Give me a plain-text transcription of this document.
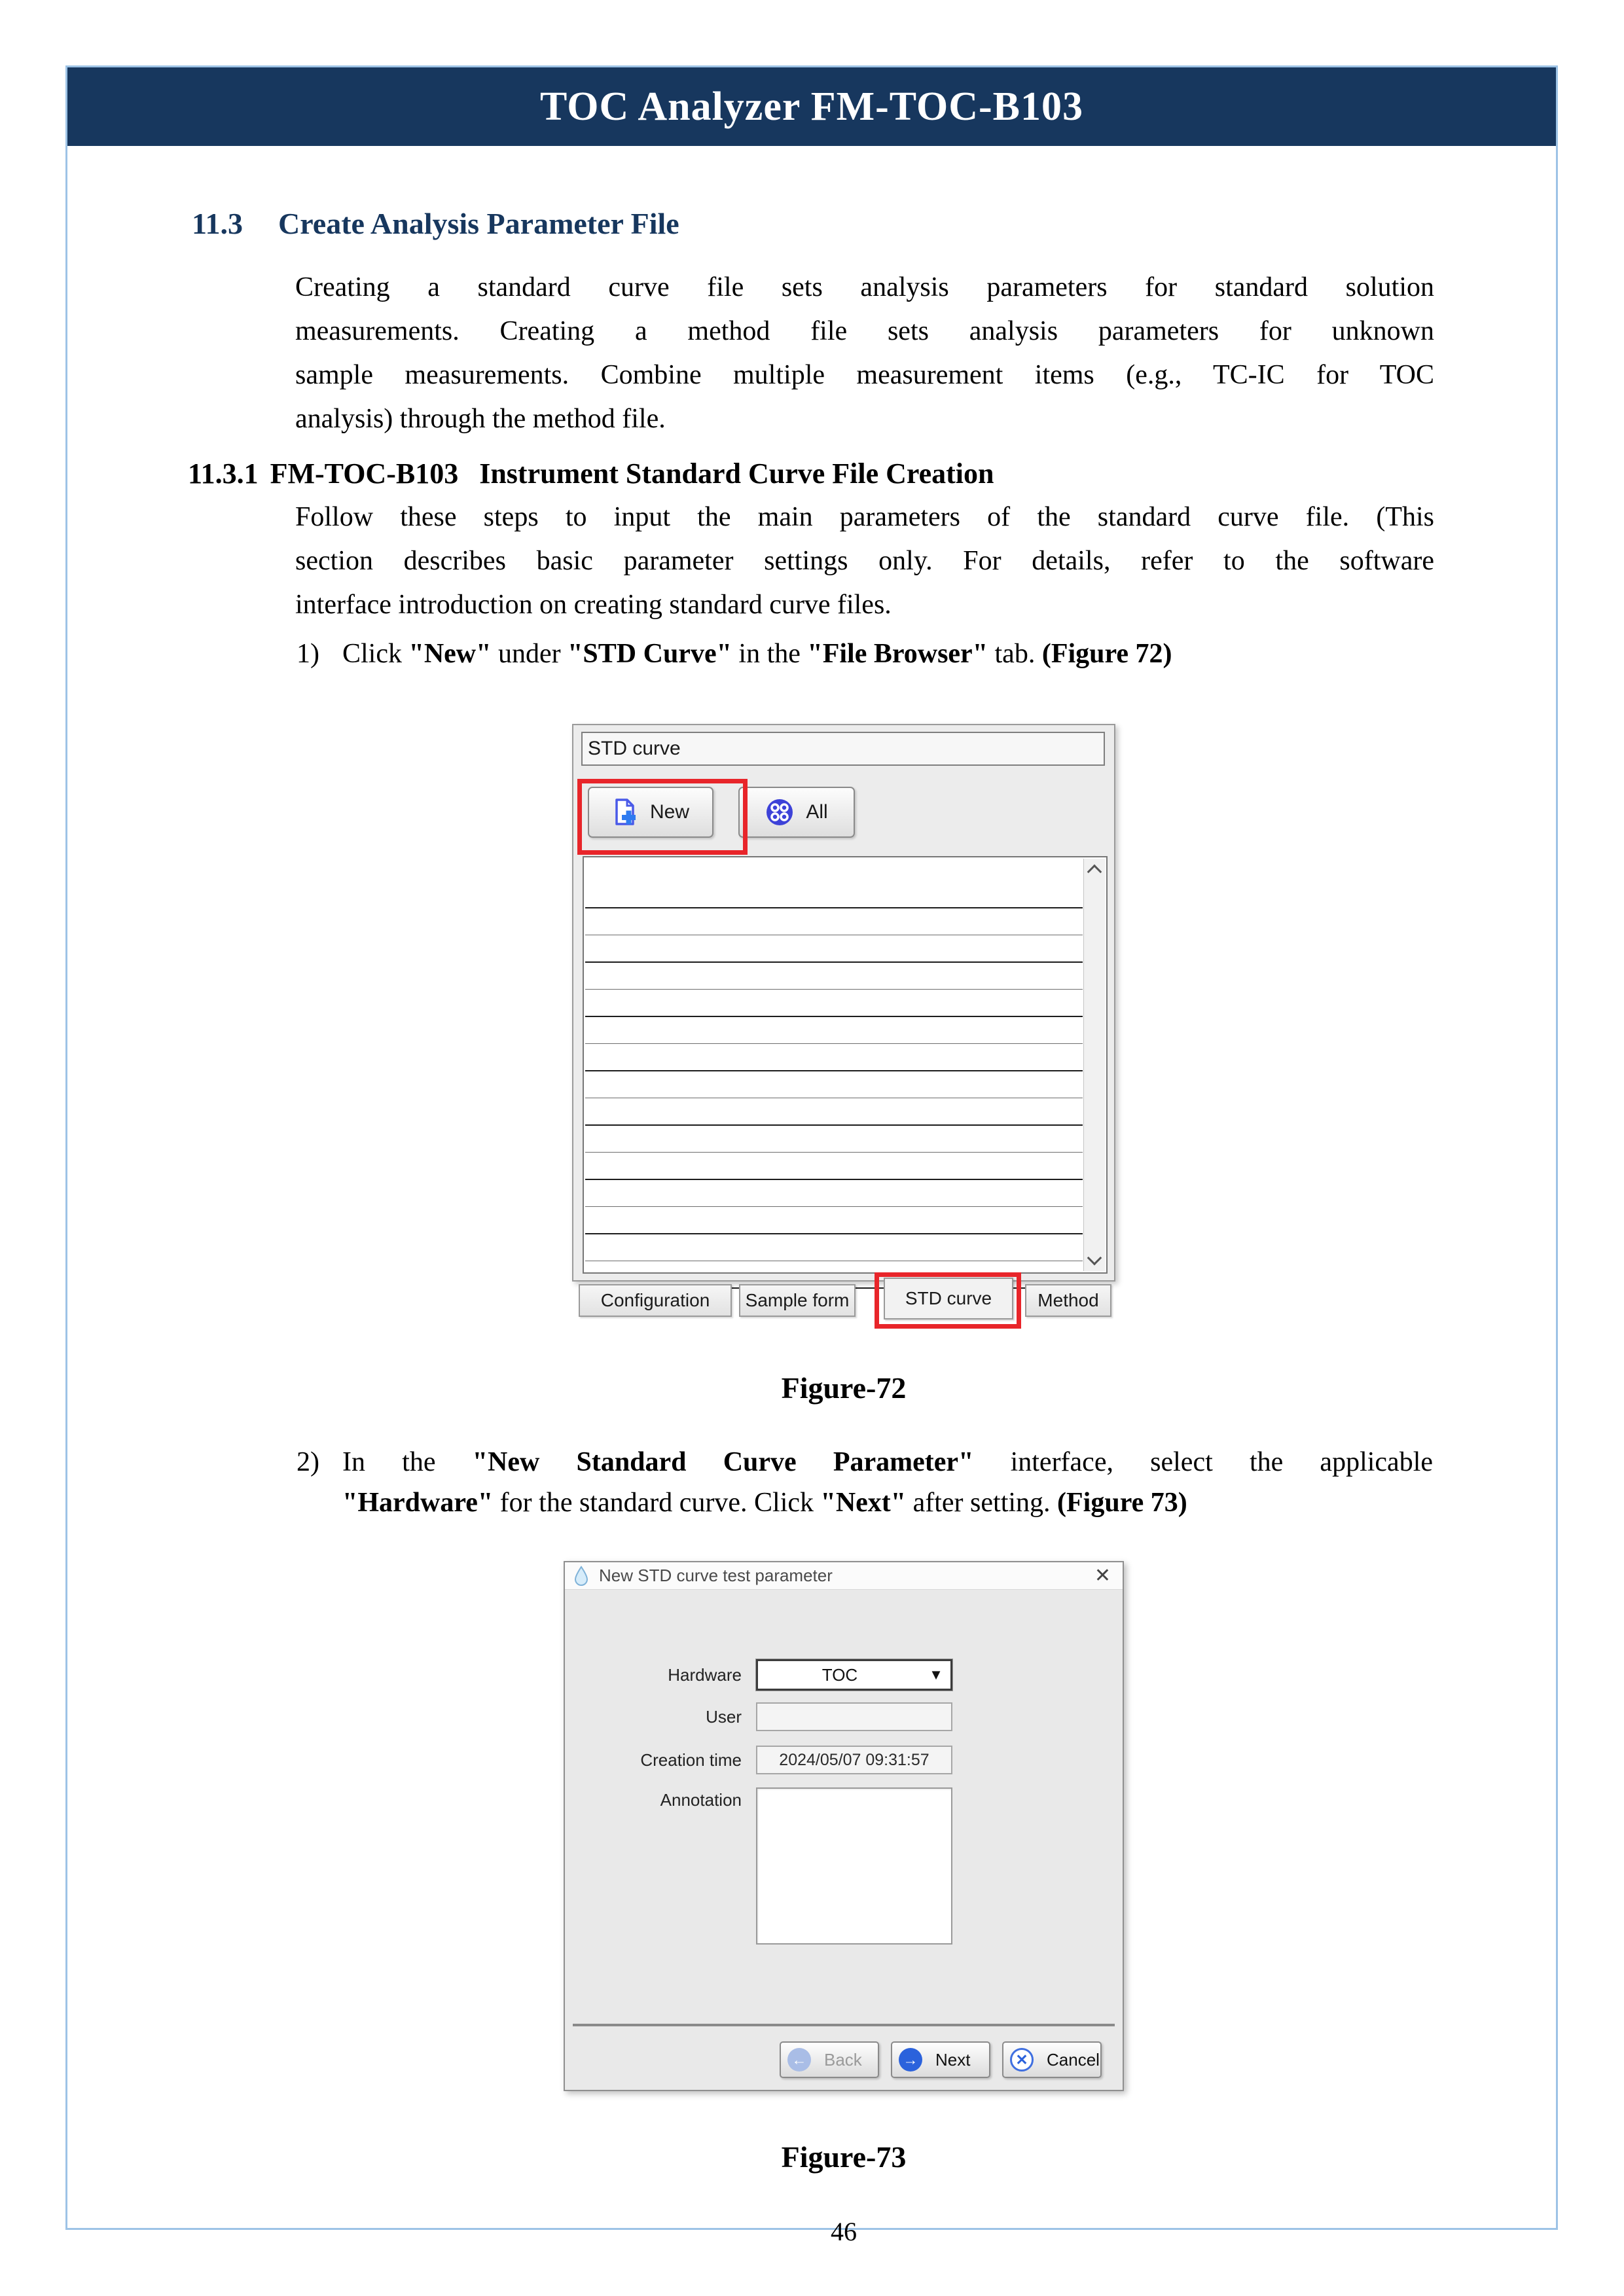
TOC Analyzer FM-TOC-B103
11.3 Create Analysis Parameter File
Creating a standard curve file sets analysis parameters for standard solution
measurements. Creating a method file sets analysis parameters for unknown
sample measurements. Combine multiple measurement items (e.g., TC-IC for TOC
analysis) through the method file.
11.3.1 FM-TOC-B103 Instrument Standard Curve File Creation
Follow these steps to input the main parameters of the standard curve file. (This
section describes basic parameter settings only. For details, refer to the software
interface introduction on creating standard curve files.
1) Click "New" under "STD Curve" in the "File Browser" tab. (Figure 72)
STD curve
New	All
Configuration	Sample form	STD curve	Method
Figure-72
2) In the "New Standard Curve Parameter" interface, select the applicable
"Hardware" for the standard curve. Click "Next" after setting. (Figure 73)
New STD curve test parameter	✕
Hardware	TOC	▼
User
Creation time	2024/05/07 09:31:57
Annotation
← Back	→ Next	✕	Cancel
Figure-73
46
